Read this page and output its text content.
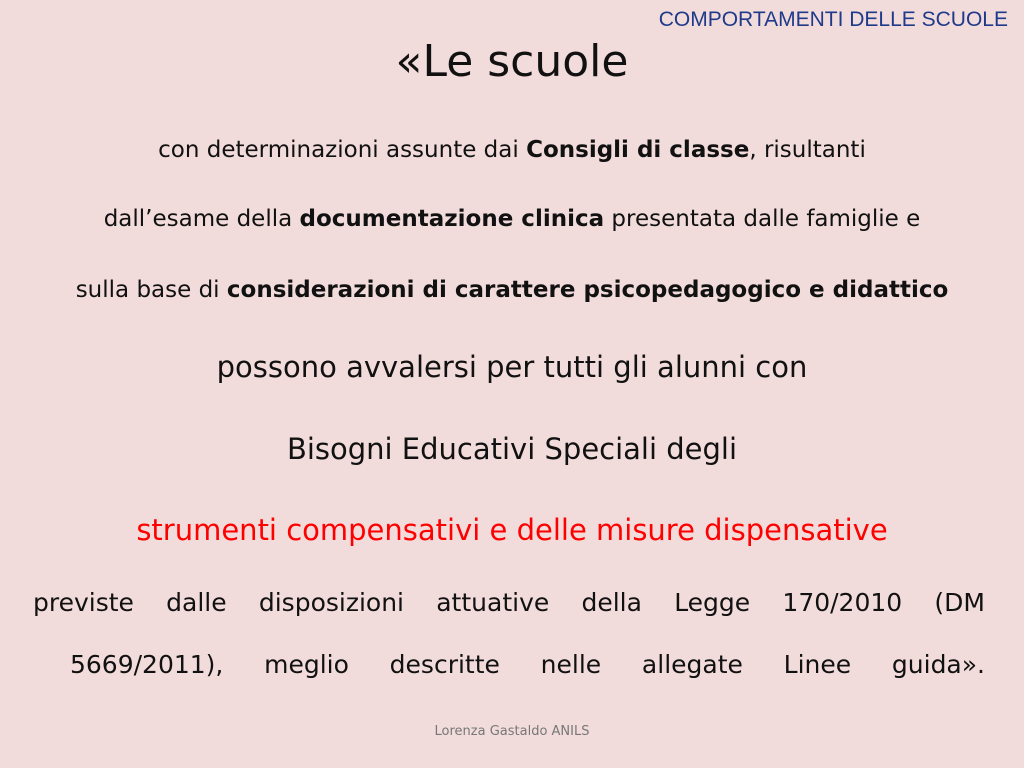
COMPORTAMENTI DELLE SCUOLE
«Le scuole
con determinazioni assunte dai Consigli di classe, risultanti
dall’esame della documentazione clinica presentata dalle famiglie e
sulla base di considerazioni di carattere psicopedagogico e didattico
possono avvalersi per tutti gli alunni con
Bisogni Educativi Speciali degli
strumenti compensativi e delle misure dispensative
previste dalle disposizioni attuative della Legge 170/2010 (DM
5669/2011), meglio descritte nelle allegate Linee guida».
Lorenza Gastaldo ANILS
